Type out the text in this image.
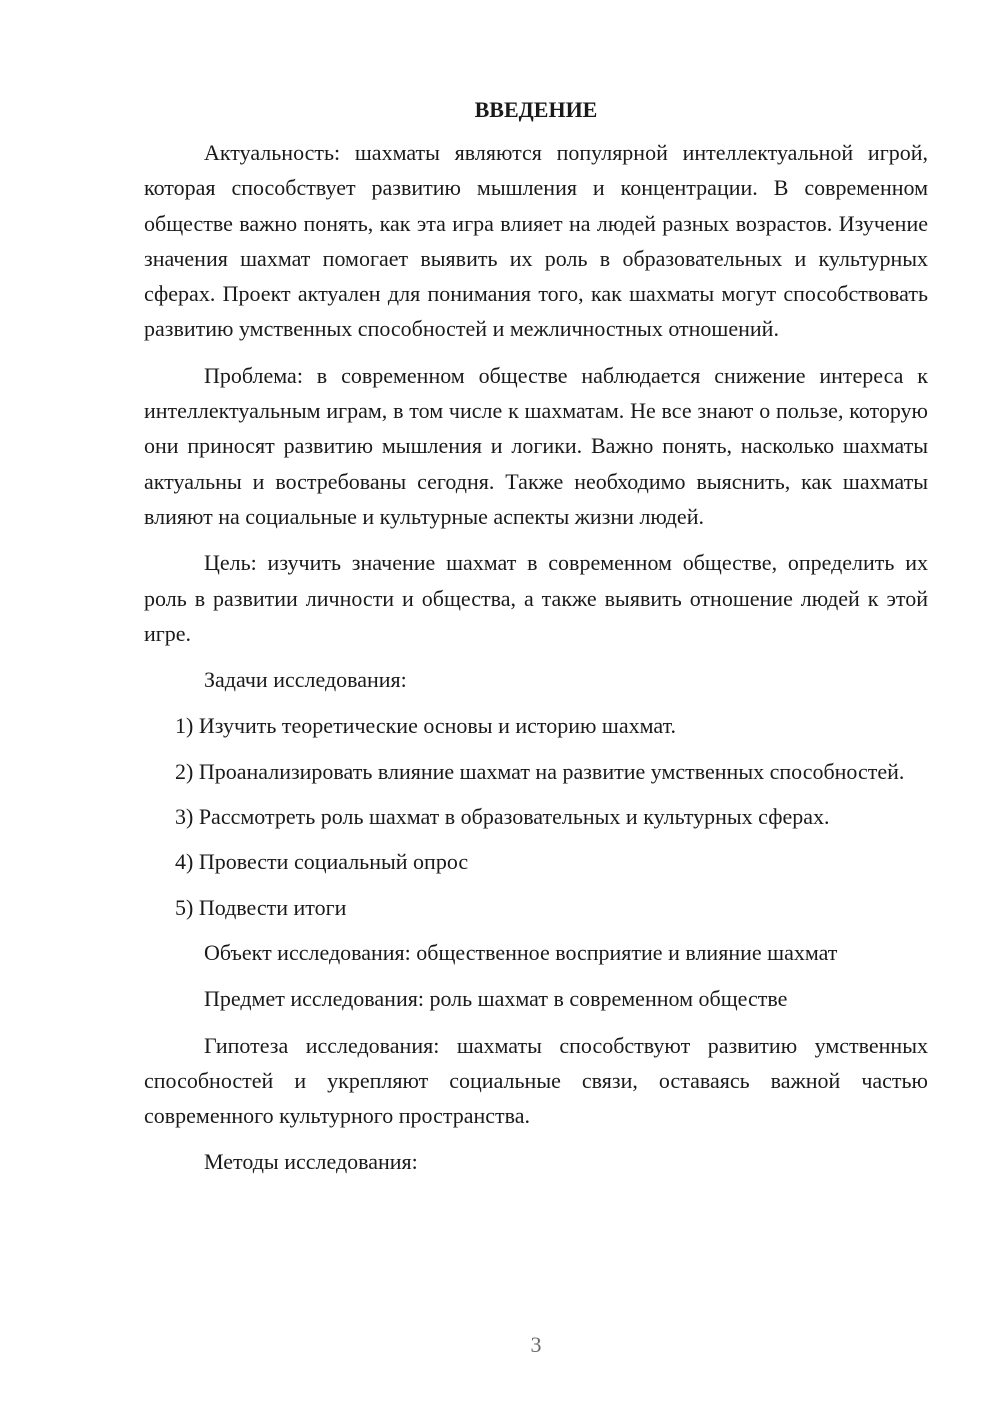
ВВЕДЕНИЕ

Актуальность: шахматы являются популярной интеллектуальной игрой, которая способствует развитию мышления и концентрации. В современном обществе важно понять, как эта игра влияет на людей разных возрастов. Изучение значения шахмат помогает выявить их роль в образовательных и культурных сферах. Проект актуален для понимания того, как шахматы могут способствовать развитию умственных способностей и межличностных отношений.

Проблема: в современном обществе наблюдается снижение интереса к интеллектуальным играм, в том числе к шахматам. Не все знают о пользе, которую они приносят развитию мышления и логики. Важно понять, насколько шахматы актуальны и востребованы сегодня. Также необходимо выяснить, как шахматы влияют на социальные и культурные аспекты жизни людей.

Цель: изучить значение шахмат в современном обществе, определить их роль в развитии личности и общества, а также выявить отношение людей к этой игре.

Задачи исследования:

1) Изучить теоретические основы и историю шахмат.

2) Проанализировать влияние шахмат на развитие умственных способностей.

3) Рассмотреть роль шахмат в образовательных и культурных сферах.

4) Провести социальный опрос

5) Подвести итоги

Объект исследования: общественное восприятие и влияние шахмат

Предмет исследования: роль шахмат в современном обществе

Гипотеза исследования: шахматы способствуют развитию умственных способностей и укрепляют социальные связи, оставаясь важной частью современного культурного пространства.

Методы исследования:

3
